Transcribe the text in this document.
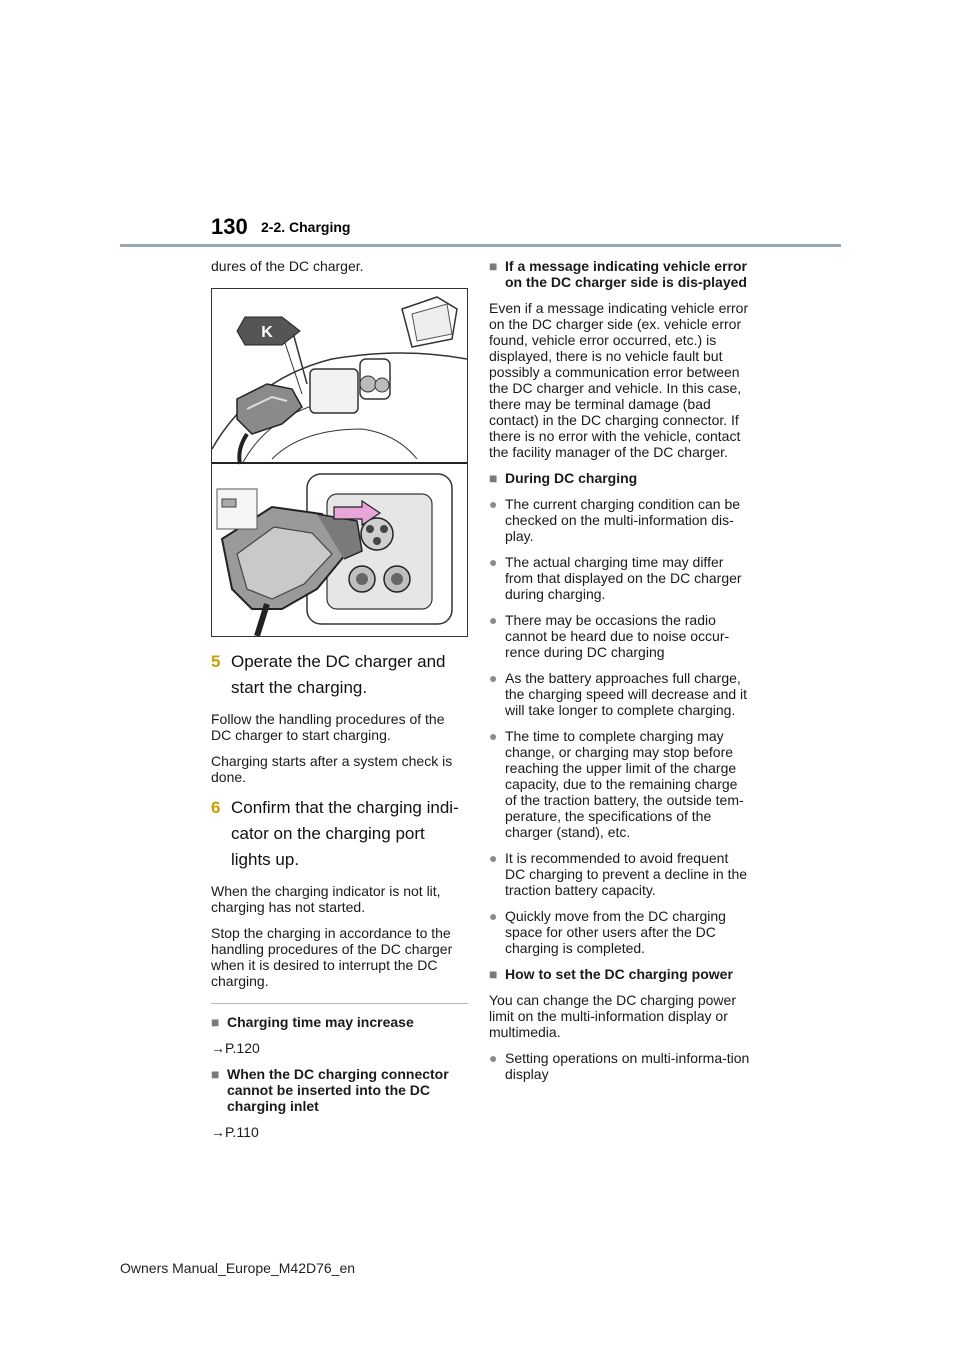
130 2-2. Charging

dures of the DC charger.

K
5 Operate the DC charger and start the charging.

Follow the handling procedures of the DC charger to start charging.

Charging starts after a system check is done.

6 Confirm that the charging indi-cator on the charging port lights up.

When the charging indicator is not lit, charging has not started.

Stop the charging in accordance to the handling procedures of the DC charger when it is desired to interrupt the DC charging.

■ Charging time may increase
→P.120
■ When the DC charging connector cannot be inserted into the DC charging inlet
→P.110
■ If a message indicating vehicle error on the DC charger side is dis-played

Even if a message indicating vehicle error on the DC charger side (ex. vehicle error found, vehicle error occurred, etc.) is displayed, there is no vehicle fault but possibly a communication error between the DC charger and vehicle. In this case, there may be terminal damage (bad contact) in the DC charging connector. If there is no error with the vehicle, contact the facility manager of the DC charger.

■ During DC charging
● The current charging condition can be checked on the multi-information dis-play.
● The actual charging time may differ from that displayed on the DC charger during charging.
● There may be occasions the radio cannot be heard due to noise occur-rence during DC charging
● As the battery approaches full charge, the charging speed will decrease and it will take longer to complete charging.
● The time to complete charging may change, or charging may stop before reaching the upper limit of the charge capacity, due to the remaining charge of the traction battery, the outside tem-perature, the specifications of the charger (stand), etc.
● It is recommended to avoid frequent DC charging to prevent a decline in the traction battery capacity.
● Quickly move from the DC charging space for other users after the DC charging is completed.
■ How to set the DC charging power

You can change the DC charging power limit on the multi-information display or multimedia.

● Setting operations on multi-informa-tion display
Owners Manual_Europe_M42D76_en
